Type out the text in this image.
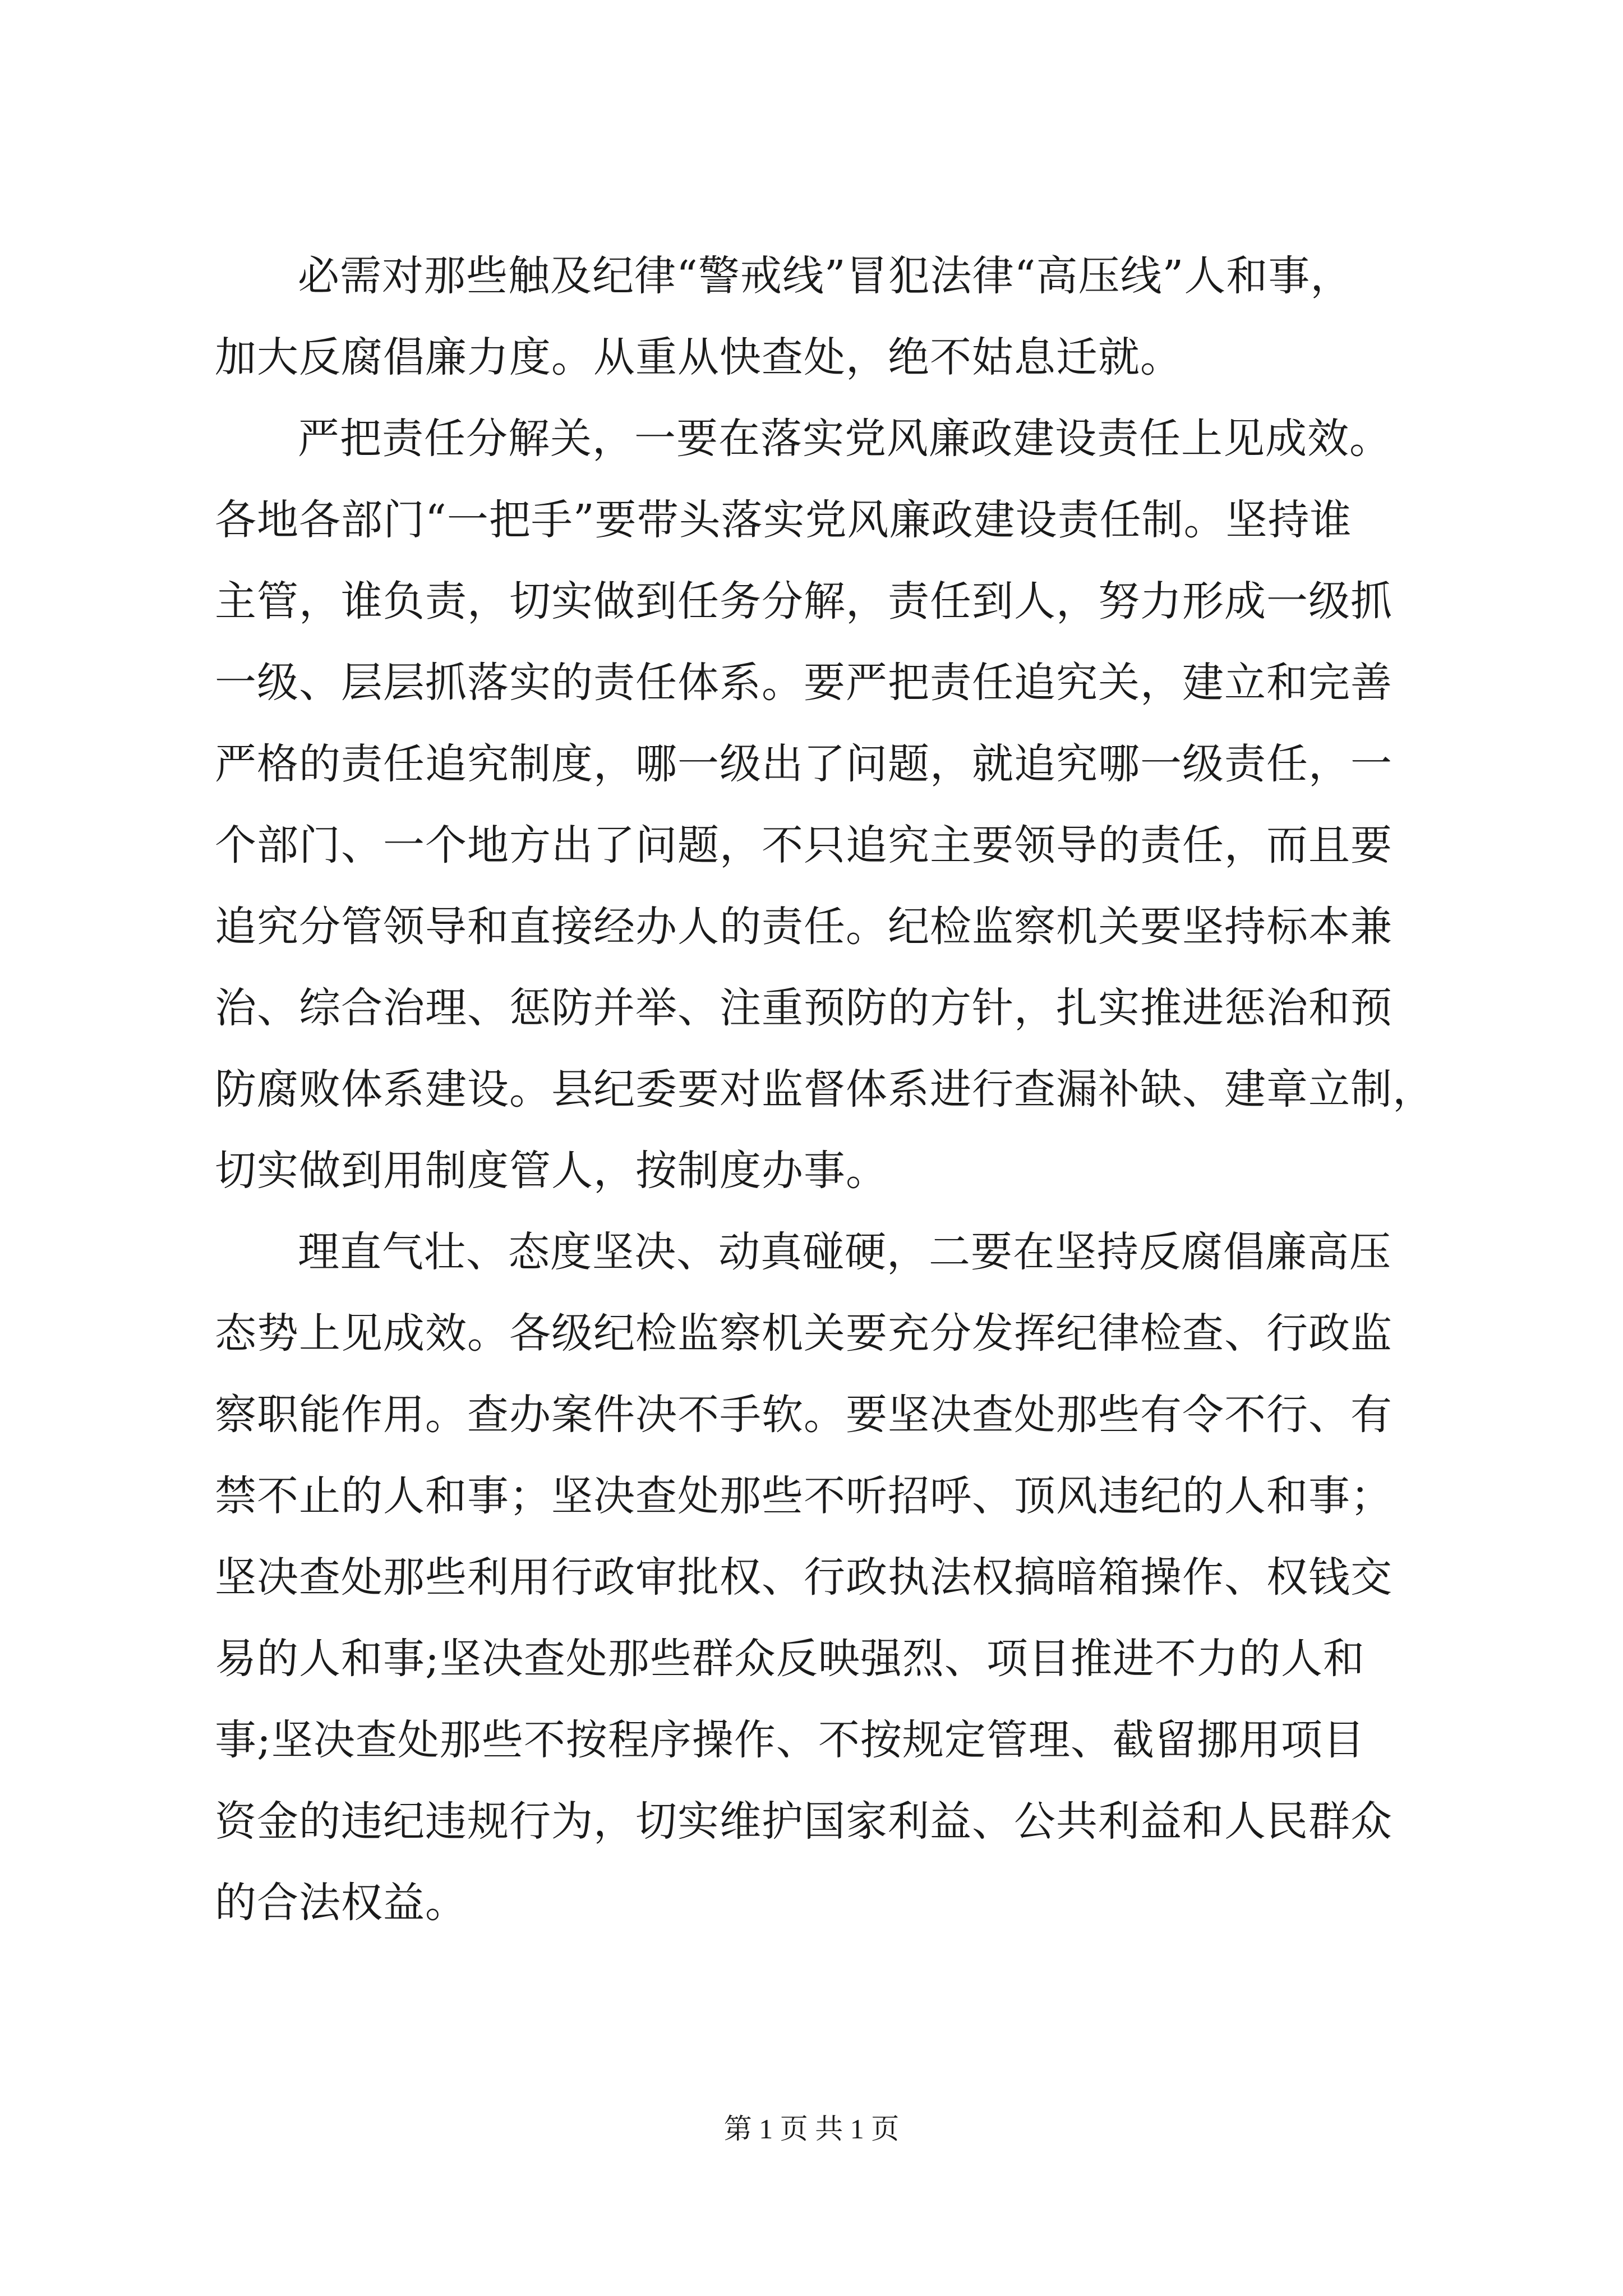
必需对那些触及纪律“警戒线”冒犯法律“高压线”人和事，
加大反腐倡廉力度。从重从快查处，绝不姑息迁就。
严把责任分解关，一要在落实党风廉政建设责任上见成效。
各地各部门“一把手”要带头落实党风廉政建设责任制。坚持谁
主管，谁负责，切实做到任务分解，责任到人，努力形成一级抓
一级、层层抓落实的责任体系。要严把责任追究关，建立和完善
严格的责任追究制度，哪一级出了问题，就追究哪一级责任，一
个部门、一个地方出了问题，不只追究主要领导的责任，而且要
追究分管领导和直接经办人的责任。纪检监察机关要坚持标本兼
治、综合治理、惩防并举、注重预防的方针，扎实推进惩治和预
防腐败体系建设。县纪委要对监督体系进行查漏补缺、建章立制，
切实做到用制度管人，按制度办事。
理直气壮、态度坚决、动真碰硬，二要在坚持反腐倡廉高压
态势上见成效。各级纪检监察机关要充分发挥纪律检查、行政监
察职能作用。查办案件决不手软。要坚决查处那些有令不行、有
禁不止的人和事；坚决查处那些不听招呼、顶风违纪的人和事；
坚决查处那些利用行政审批权、行政执法权搞暗箱操作、权钱交
易的人和事;坚决查处那些群众反映强烈、项目推进不力的人和
事;坚决查处那些不按程序操作、不按规定管理、截留挪用项目
资金的违纪违规行为，切实维护国家利益、公共利益和人民群众
的合法权益。
第 1 页 共 1 页
